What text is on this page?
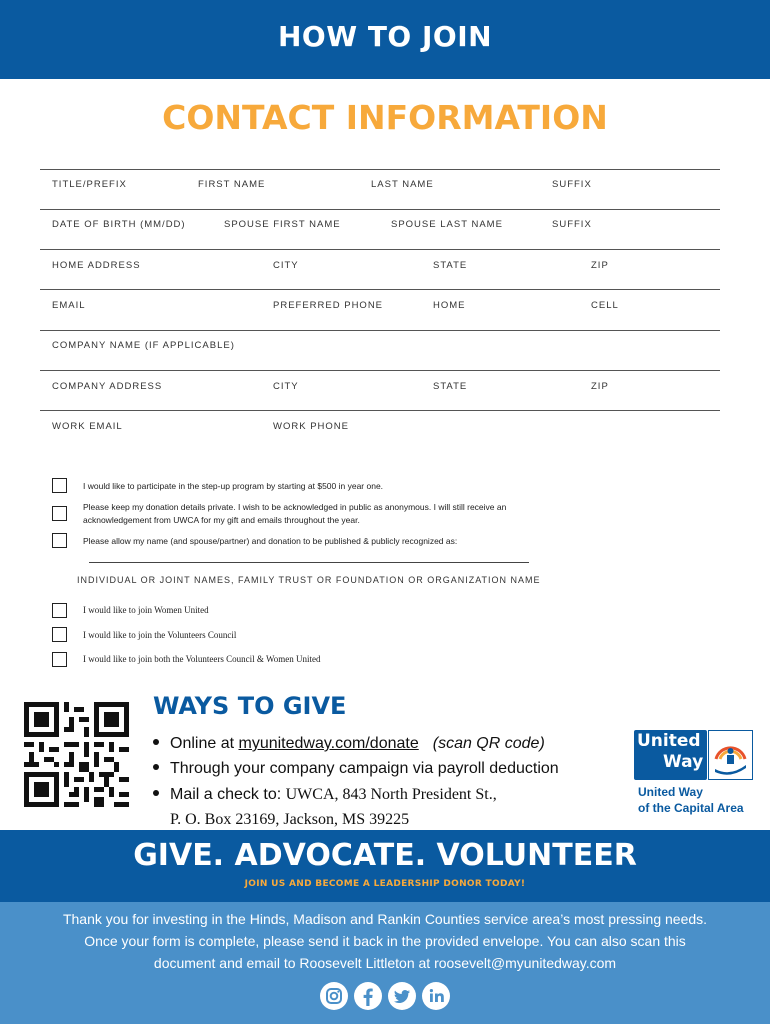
HOW TO JOIN
CONTACT INFORMATION
TITLE/PREFIX	FIRST NAME	LAST NAME	SUFFIX
DATE OF BIRTH (MM/DD)	SPOUSE FIRST NAME	SPOUSE LAST NAME	SUFFIX
HOME ADDRESS	CITY	STATE	ZIP
EMAIL	PREFERRED PHONE	HOME	CELL
COMPANY NAME (IF APPLICABLE)
COMPANY ADDRESS	CITY	STATE	ZIP
WORK EMAIL	WORK PHONE
I would like to participate in the step-up program by starting at $500 in year one.
Please keep my donation details private. I wish to be acknowledged in public as anonymous. I will still receive an
acknowledgement from UWCA for my gift and emails throughout the year.
Please allow my name (and spouse/partner) and donation to be published & publicly recognized as:
INDIVIDUAL OR JOINT NAMES, FAMILY TRUST OR FOUNDATION OR ORGANIZATION NAME
I would like to join Women United
I would like to join the Volunteers Council
I would like to join both the Volunteers Council & Women United
WAYS TO GIVE
Online at myunitedway.com/donate (scan QR code)
Through your company campaign via payroll deduction
Mail a check to: UWCA, 843 North President St.,
P. O. Box 23169, Jackson, MS 39225
United
Way
United Way
of the Capital Area
GIVE. ADVOCATE. VOLUNTEER
JOIN US AND BECOME A LEADERSHIP DONOR TODAY!
Thank you for investing in the Hinds, Madison and Rankin Counties service area’s most pressing needs.
Once your form is complete, please send it back in the provided envelope. You can also scan this
document and email to Roosevelt Littleton at roosevelt@myunitedway.com
